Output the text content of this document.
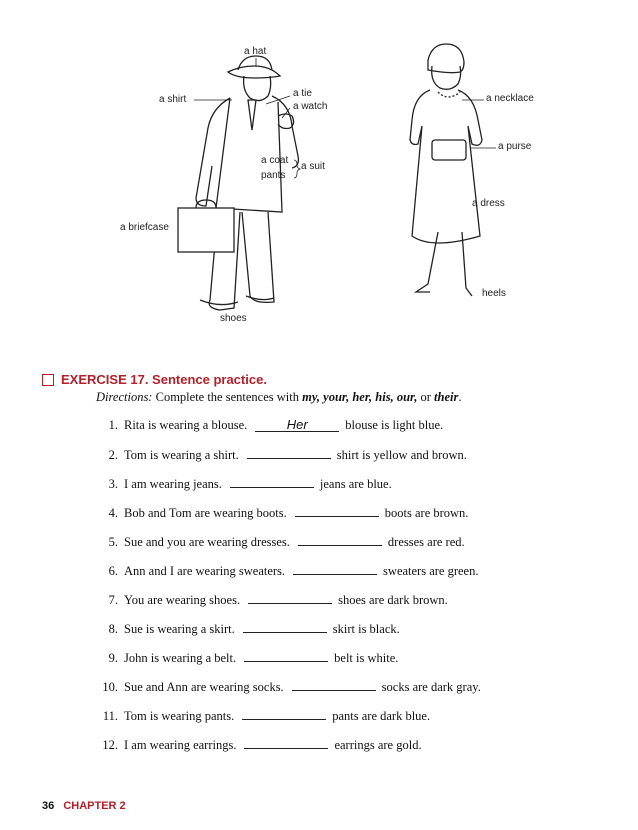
a hat
a shirt
a tie
a watch
a coat
pants
a suit
a briefcase
shoes
a necklace
a purse
a dress
heels
EXERCISE 17. Sentence practice.
Directions: Complete the sentences with my, your, her, his, our, or their.
1. Rita is wearing a blouse.	Her	blouse is light blue.
2. Tom is wearing a shirt.	shirt is yellow and brown.
3. I am wearing jeans.	jeans are blue.
4. Bob and Tom are wearing boots.	boots are brown.
5. Sue and you are wearing dresses.	dresses are red.
6. Ann and I are wearing sweaters.	sweaters are green.
7. You are wearing shoes.	shoes are dark brown.
8. Sue is wearing a skirt.	skirt is black.
9. John is wearing a belt.	belt is white.
10. Sue and Ann are wearing socks.	socks are dark gray.
11. Tom is wearing pants.	pants are dark blue.
12. I am wearing earrings.	earrings are gold.
36 CHAPTER 2
